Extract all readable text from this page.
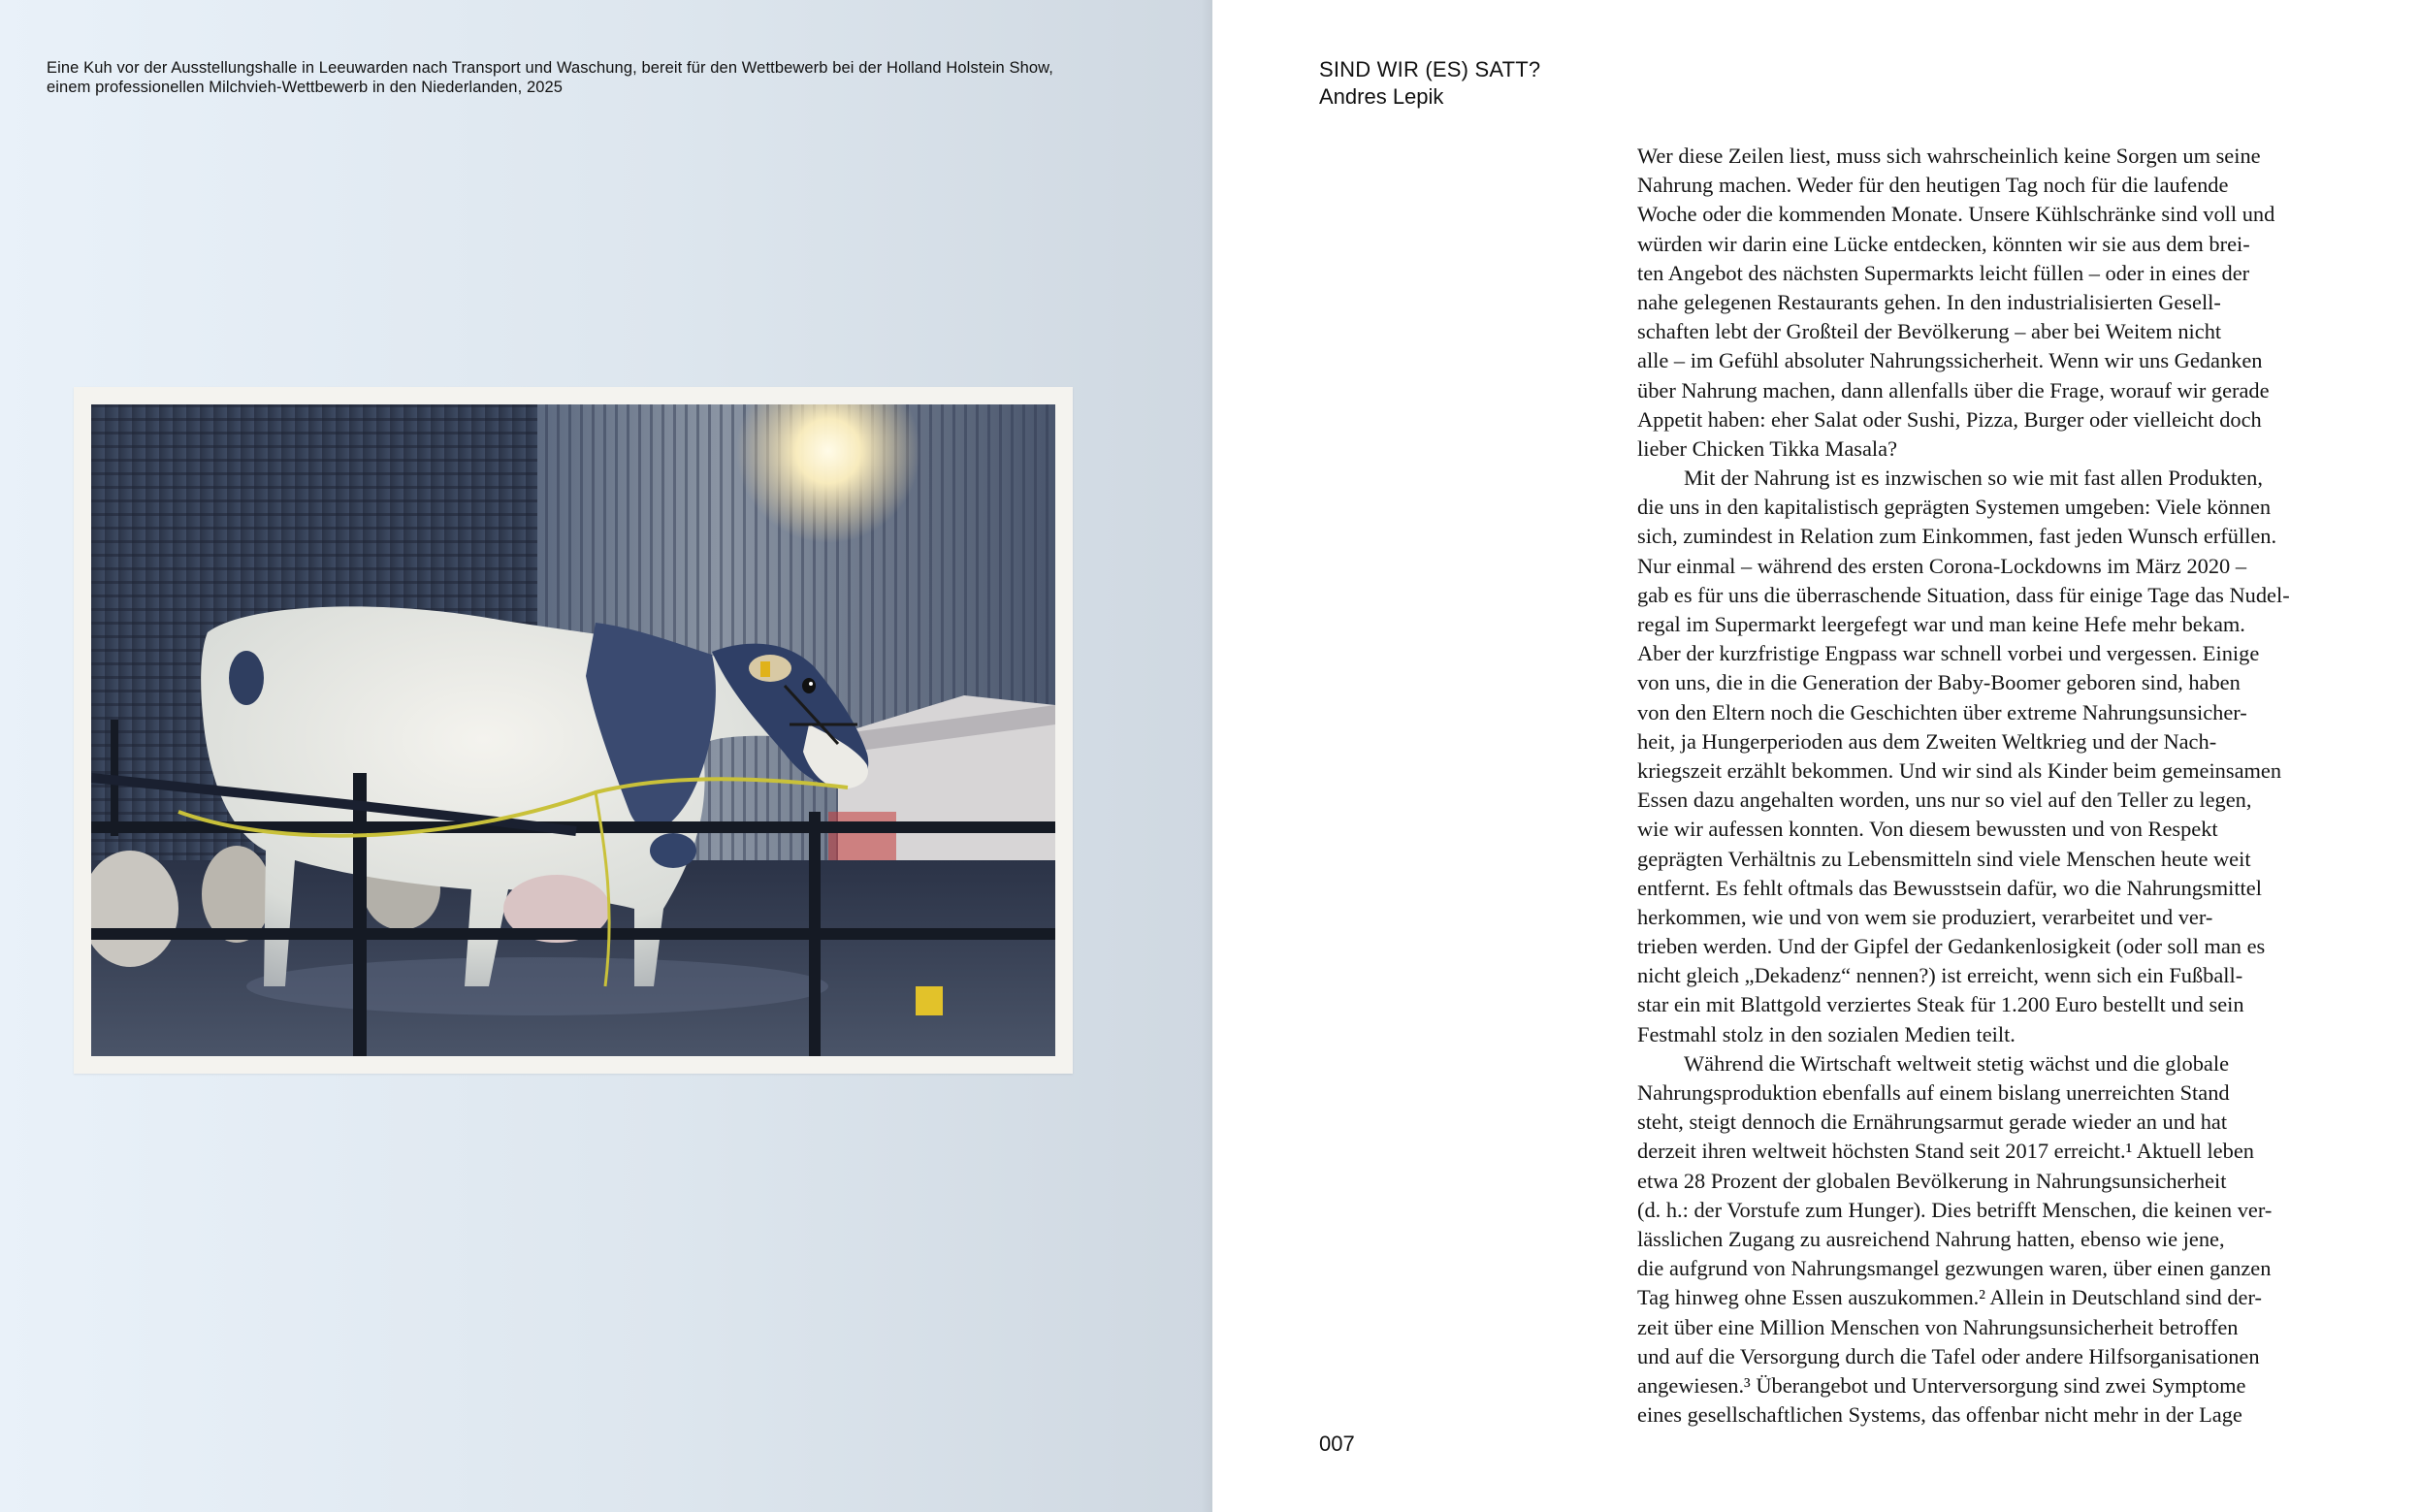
Eine Kuh vor der Ausstellungshalle in Leeuwarden nach Transport und Waschung, bereit für den Wettbewerb bei der Holland Holstein Show,
einem professionellen Milchvieh-Wettbewerb in den Niederlanden, 2025
SIND WIR (ES) SATT?
Andres Lepik
Wer diese Zeilen liest, muss sich wahrscheinlich keine Sorgen um seine
Nahrung machen. Weder für den heutigen Tag noch für die laufende
Woche oder die kommenden Monate. Unsere Kühlschränke sind voll und
würden wir darin eine Lücke entdecken, könnten wir sie aus dem brei-
ten Angebot des nächsten Supermarkts leicht füllen – oder in eines der
nahe gelegenen Restaurants gehen. In den industrialisierten Gesell-
schaften lebt der Großteil der Bevölkerung – aber bei Weitem nicht
alle – im Gefühl absoluter Nahrungssicherheit. Wenn wir uns Gedanken
über Nahrung machen, dann allenfalls über die Frage, worauf wir gerade
Appetit haben: eher Salat oder Sushi, Pizza, Burger oder vielleicht doch
lieber Chicken Tikka Masala?
Mit der Nahrung ist es inzwischen so wie mit fast allen Produkten,
die uns in den kapitalistisch geprägten Systemen umgeben: Viele können
sich, zumindest in Relation zum Einkommen, fast jeden Wunsch erfüllen.
Nur einmal – während des ersten Corona-Lockdowns im März 2020 –
gab es für uns die überraschende Situation, dass für einige Tage das Nudel-
regal im Supermarkt leergefegt war und man keine Hefe mehr bekam.
Aber der kurzfristige Engpass war schnell vorbei und vergessen. Einige
von uns, die in die Generation der Baby-Boomer geboren sind, haben
von den Eltern noch die Geschichten über extreme Nahrungsunsicher-
heit, ja Hungerperioden aus dem Zweiten Weltkrieg und der Nach-
kriegszeit erzählt bekommen. Und wir sind als Kinder beim gemeinsamen
Essen dazu angehalten worden, uns nur so viel auf den Teller zu legen,
wie wir aufessen konnten. Von diesem bewussten und von Respekt
geprägten Verhältnis zu Lebensmitteln sind viele Menschen heute weit
entfernt. Es fehlt oftmals das Bewusstsein dafür, wo die Nahrungsmittel
herkommen, wie und von wem sie produziert, verarbeitet und ver-
trieben werden. Und der Gipfel der Gedankenlosigkeit (oder soll man es
nicht gleich „Dekadenz“ nennen?) ist erreicht, wenn sich ein Fußball-
star ein mit Blattgold verziertes Steak für 1.200 Euro bestellt und sein
Festmahl stolz in den sozialen Medien teilt.
Während die Wirtschaft weltweit stetig wächst und die globale
Nahrungsproduktion ebenfalls auf einem bislang unerreichten Stand
steht, steigt dennoch die Ernährungsarmut gerade wieder an und hat
derzeit ihren weltweit höchsten Stand seit 2017 erreicht.¹ Aktuell leben
etwa 28 Prozent der globalen Bevölkerung in Nahrungsunsicherheit
(d. h.: der Vorstufe zum Hunger). Dies betrifft Menschen, die keinen ver-
lässlichen Zugang zu ausreichend Nahrung hatten, ebenso wie jene,
die aufgrund von Nahrungsmangel gezwungen waren, über einen ganzen
Tag hinweg ohne Essen auszukommen.² Allein in Deutschland sind der-
zeit über eine Million Menschen von Nahrungsunsicherheit betroffen
und auf die Versorgung durch die Tafel oder andere Hilfsorganisationen
angewiesen.³ Überangebot und Unterversorgung sind zwei Symptome
eines gesellschaftlichen Systems, das offenbar nicht mehr in der Lage
007
